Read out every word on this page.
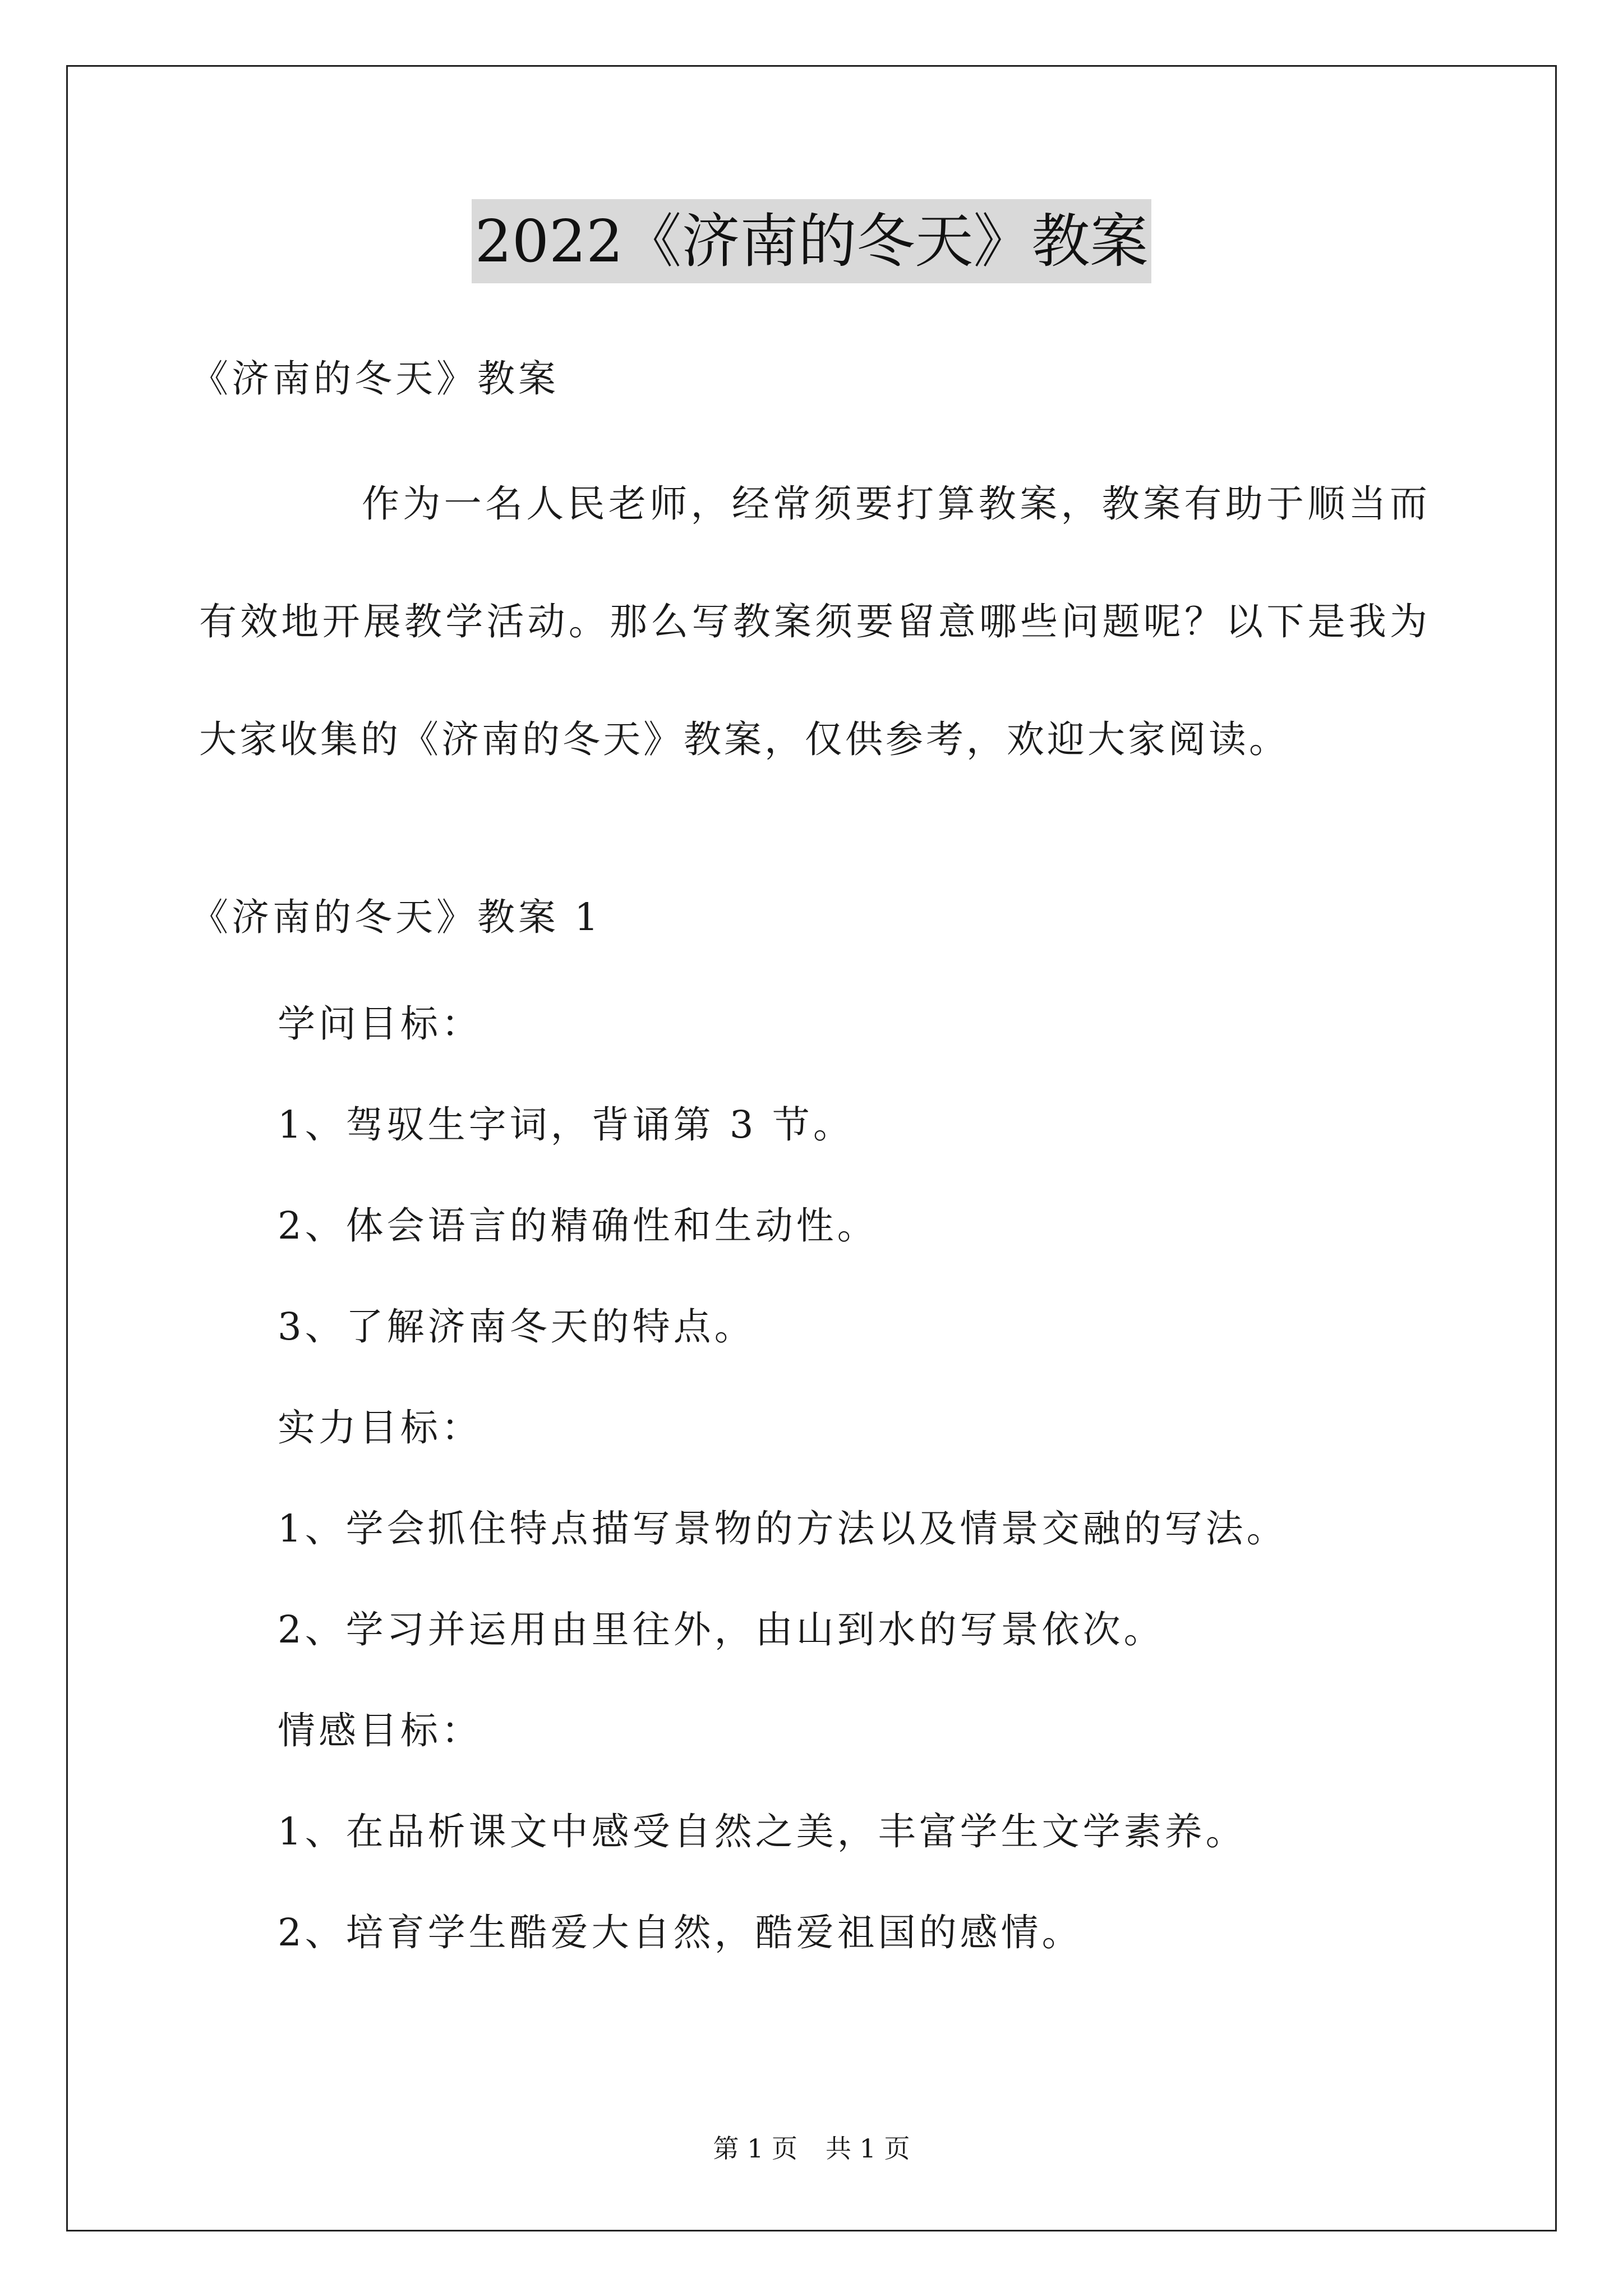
2022《济南的冬天》教案
《济南的冬天》教案
作为一名人民老师，经常须要打算教案，教案有助于顺当而有效地开展教学活动。那么写教案须要留意哪些问题呢？以下是我为大家收集的《济南的冬天》教案，仅供参考，欢迎大家阅读。
《济南的冬天》教案 1
学问目标：
1、驾驭生字词，背诵第 3 节。
2、体会语言的精确性和生动性。
3、了解济南冬天的特点。
实力目标：
1、学会抓住特点描写景物的方法以及情景交融的写法。
2、学习并运用由里往外，由山到水的写景依次。
情感目标：
1、在品析课文中感受自然之美，丰富学生文学素养。
2、培育学生酷爱大自然，酷爱祖国的感情。
第 1 页 共 1 页
